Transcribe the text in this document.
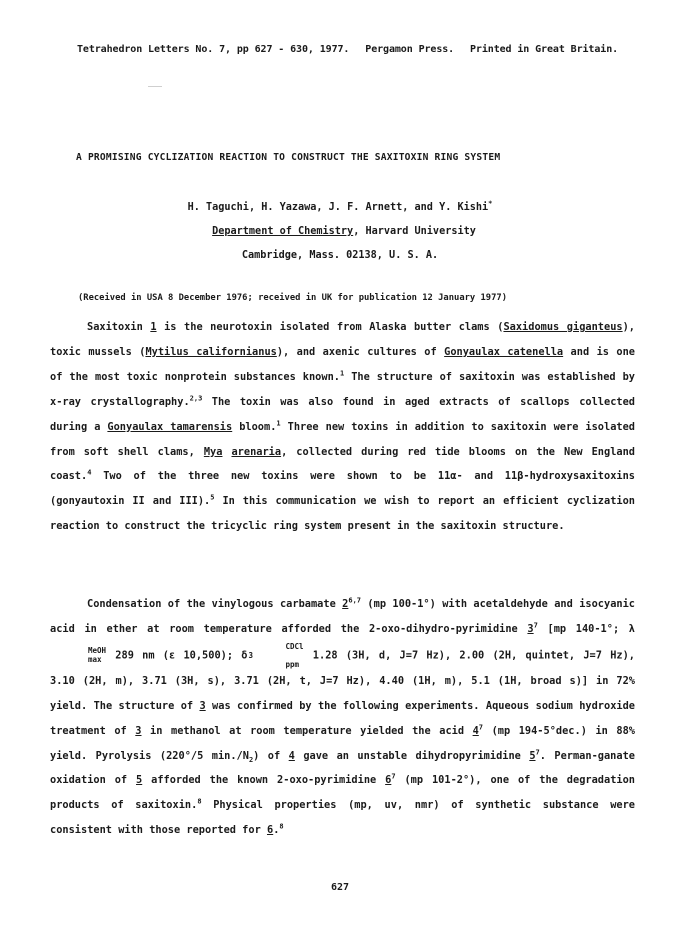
Tetrahedron Letters No. 7, pp 627 - 630, 1977. Pergamon Press. Printed in Great Britain.
A PROMISING CYCLIZATION REACTION TO CONSTRUCT THE SAXITOXIN RING SYSTEM
H. Taguchi, H. Yazawa, J. F. Arnett, and Y. Kishi*
Department of Chemistry, Harvard University
Cambridge, Mass. 02138, U. S. A.
(Received in USA 8 December 1976; received in UK for publication 12 January 1977)

Saxitoxin 1 is the neurotoxin isolated from Alaska butter clams (Saxidomus giganteus), toxic mussels (Mytilus californianus), and axenic cultures of Gonyaulax catenella and is one of the most toxic nonprotein substances known.$^1$ The structure of saxitoxin was established by x-ray crystallography.$^{2,3}$ The toxin was also found in aged extracts of scallops collected during a Gonyaulax tamarensis bloom.$^1$ Three new toxins in addition to saxitoxin were isolated from soft shell clams, Mya arenaria, collected during red tide blooms on the New England coast.$^4$ Two of the three new toxins were shown to be 11α- and 11β-hydroxysaxitoxins (gonyautoxin II and III).$^5$ In this communication we wish to report an efficient cyclization reaction to construct the tricyclic ring system present in the saxitoxin structure.

Condensation of the vinylogous carbamate 2$^{6,7}$ (mp 100-1°) with acetaldehyde and isocyanic acid in ether at room temperature afforded the 2-oxo-dihydro-pyrimidine $3^7$ [mp 140-1°; λ
MeOH
max 289 nm (ε 10,500); δ
CDCl
3
ppm
1.28 (3H, d, J=7 Hz), 2.00 (2H, quintet, J=7 Hz), 3.10 (2H, m), 3.71 (3H, s), 3.71 (2H, t, J=7 Hz), 4.40 (1H, m), 5.1 (1H, broad s)] in 72% yield. The structure of 3 was confirmed by the following experiments. Aqueous sodium hydroxide treatment of 3 in methanol at room temperature yielded the acid $4^7$ (mp 194-5°dec.) in 88% yield. Pyrolysis (220°/5 $\min./N_2$) of 4 gave an unstable dihydropyrimidine $5^7$. Perman-ganate oxidation of 5 afforded the known 2-oxo-pyrimidine $6^7$ (mp 101-2°), one of the degradation products of saxitoxin.$^8$ Physical properties (mp, uv, nmr) of synthetic substance were consistent with those reported for 6.$^8$

627
